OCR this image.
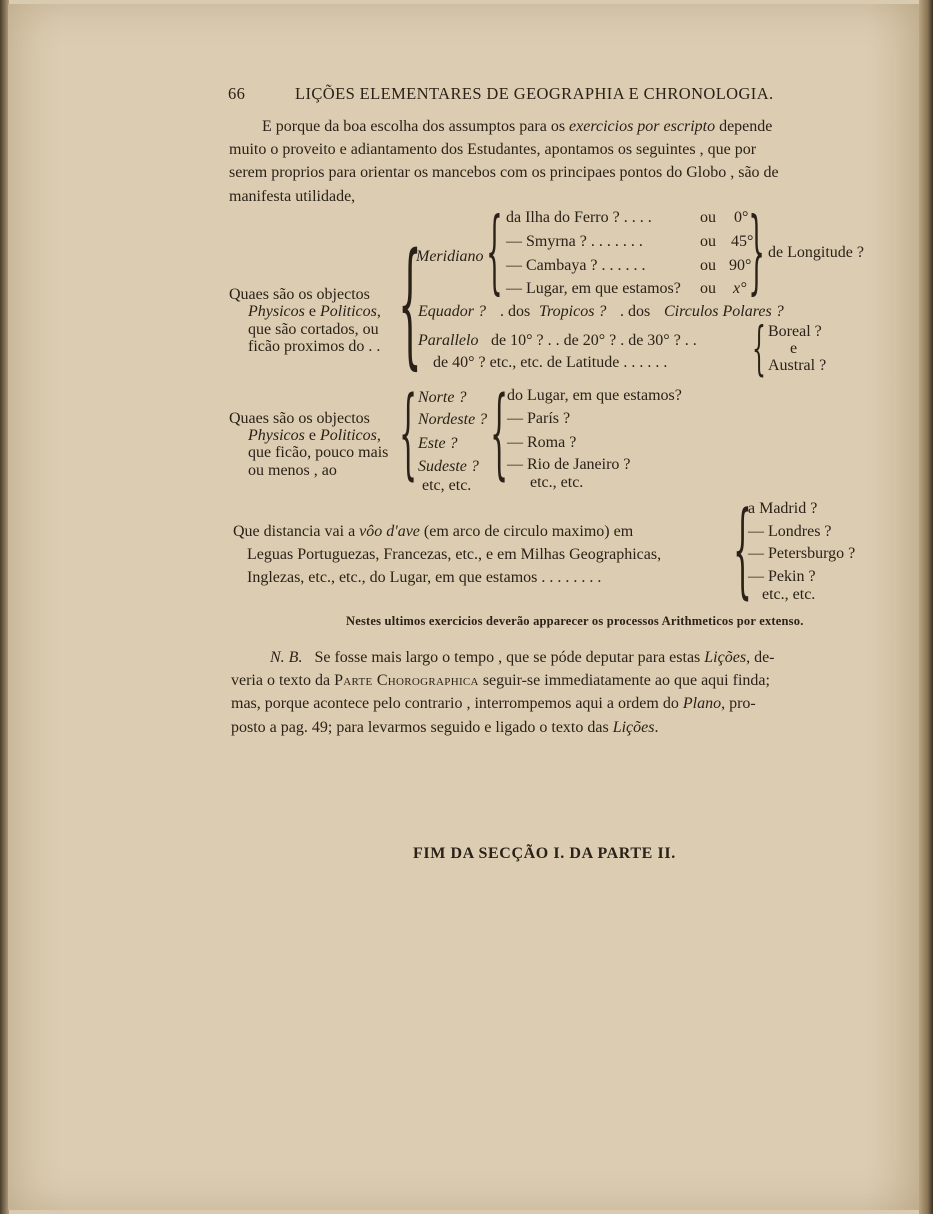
66	LIÇÕES ELEMENTARES DE GEOGRAPHIA E CHRONOLOGIA.
E porque da boa escolha dos assumptos para os exercicios por escripto depende
muito o proveito e adiantamento dos Estudantes, apontamos os seguintes , que por
serem proprios para orientar os mancebos com os principaes pontos do Globo , são de
manifesta utilidade,
Quaes são os objectos
Physicos e Politicos,
que são cortados, ou
ficão proximos do . . {
Meridiano { da Ilha do Ferro ? . . . .	ou 0°
— Smyrna ? . . . . . . .	ou 45°
— Cambaya ? . . . . . .	ou 90°
— Lugar, em que estamos? ou x° { de Longitude ?
Equador ? . dos Tropicos ? . dos Circulos Polares ?
Parallelo de 10° ? . . de 20° ? . de 30° ? . .
de 40° ? etc., etc. de Latitude . . . . . . { Boreal ?
e
Austral ?
Quaes são os objectos
Physicos e Politicos,
que ficão, pouco mais
ou menos , ao { Norte ?
Nordeste ?
Este ?
Sudeste ?
etc, etc. {
do Lugar, em que estamos?
— París ?
— Roma ?
— Rio de Janeiro ?
etc., etc.
Que distancia vai a vôo d'ave (em arco de circulo maximo) em
Leguas Portuguezas, Francezas, etc., e em Milhas Geographicas,
Inglezas, etc., etc., do Lugar, em que estamos . . . . . . . . {
a Madrid ?
— Londres ?
— Petersburgo ?
— Pekin ?
etc., etc.
Nestes ultimos exercicios deverão apparecer os processos Arithmeticos por extenso.
N. B. Se fosse mais largo o tempo , que se póde deputar para estas Lições, de-
veria o texto da Parte Chorographica seguir-se immediatamente ao que aqui finda;
mas, porque acontece pelo contrario , interrompemos aqui a ordem do Plano, pro-
posto a pag. 49; para levarmos seguido e ligado o texto das Lições.
FIM DA SECÇÃO I. DA PARTE II.
